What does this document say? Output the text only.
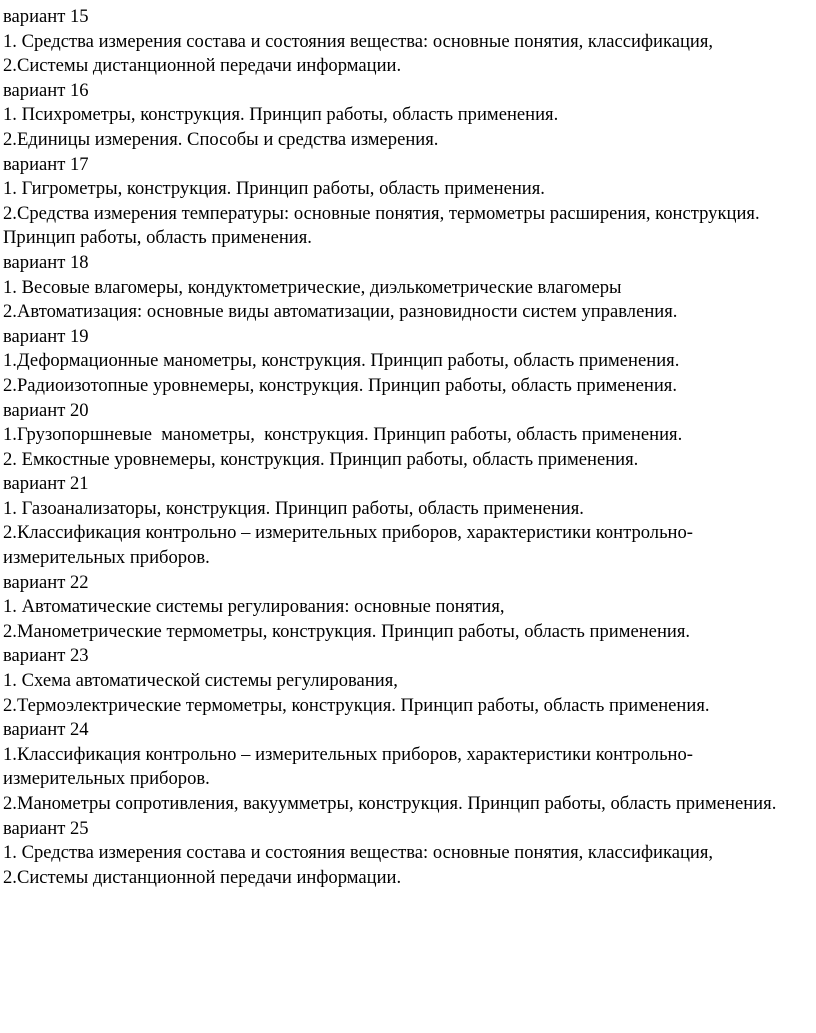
вариант 15

1. Средства измерения состава и состояния вещества: основные понятия, классификация,

2.Системы дистанционной передачи информации.

вариант 16

1. Психрометры, конструкция. Принцип работы, область применения.

2.Единицы измерения. Способы и средства измерения.

вариант 17

1. Гигрометры, конструкция. Принцип работы, область применения.

2.Средства измерения температуры: основные понятия, термометры расширения, конструкция. Принцип работы, область применения.

вариант 18

1. Весовые влагомеры, кондуктометрические, диэлькометрические влагомеры

2.Автоматизация: основные виды автоматизации, разновидности систем управления.

вариант 19

1.Деформационные манометры, конструкция. Принцип работы, область применения.

2.Радиоизотопные уровнемеры, конструкция. Принцип работы, область применения.

вариант 20

1.Грузопоршневые  манометры,  конструкция. Принцип работы, область применения.

2. Емкостные уровнемеры, конструкция. Принцип работы, область применения.

вариант 21

1. Газоанализаторы, конструкция. Принцип работы, область применения.

2.Классификация контрольно – измерительных приборов, характеристики контрольно-измерительных приборов.

вариант 22

1. Автоматические системы регулирования: основные понятия,

2.Манометрические термометры, конструкция. Принцип работы, область применения.

вариант 23

1. Схема автоматической системы регулирования,

2.Термоэлектрические термометры, конструкция. Принцип работы, область применения.

вариант 24

1.Классификация контрольно – измерительных приборов, характеристики контрольно-измерительных приборов.

2.Манометры сопротивления, вакуумметры, конструкция. Принцип работы, область применения.

вариант 25

1. Средства измерения состава и состояния вещества: основные понятия, классификация,

2.Системы дистанционной передачи информации.
